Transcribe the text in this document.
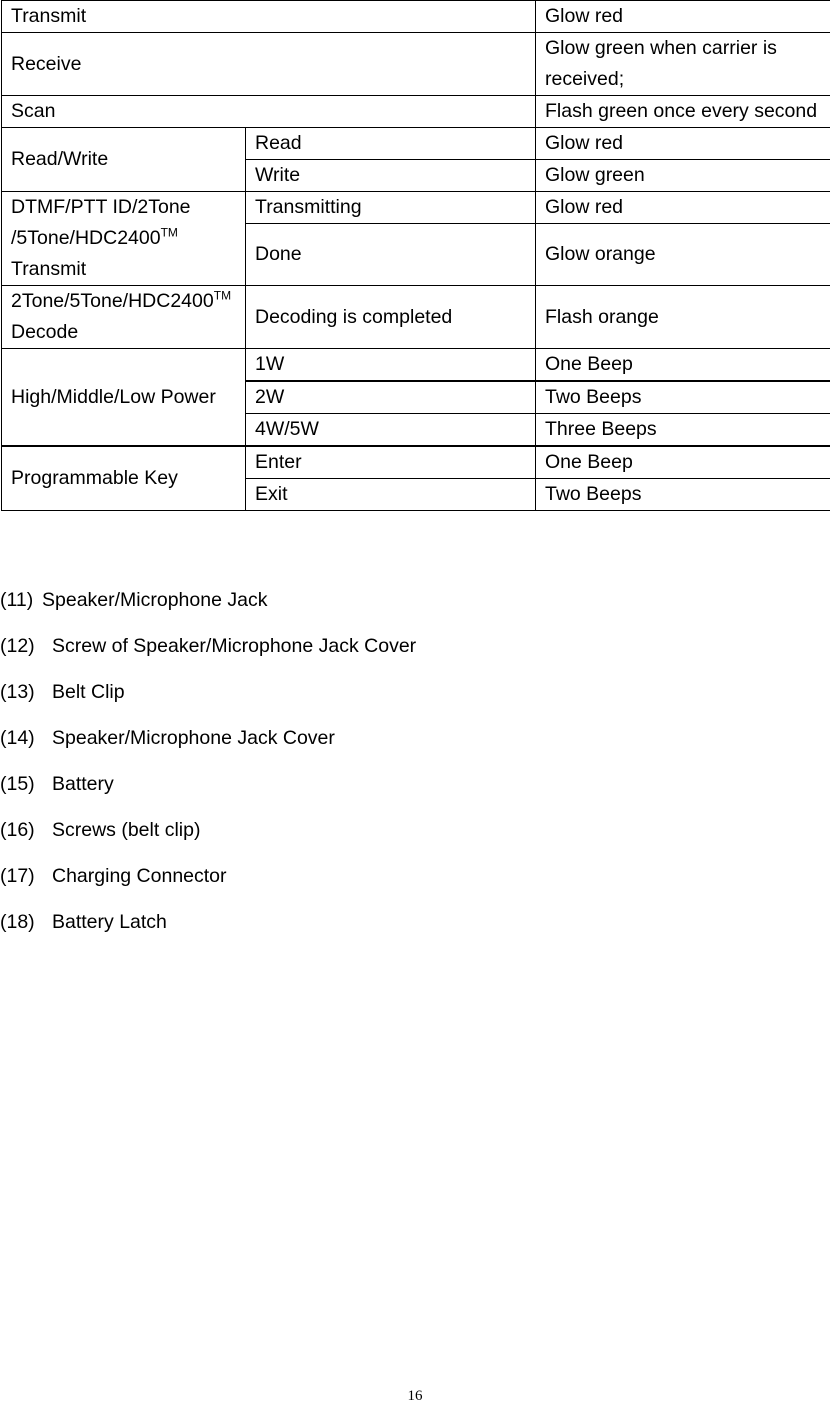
Transmit		Glow red
Receive		Glow green when carrier is received;
Scan		Flash green once every second
Read/Write	Read	Glow red
	Write	Glow green
DTMF/PTT ID/2Tone
/5Tone/HDC2400™
Transmit	Transmitting	Glow red
	Done	Glow orange
2Tone/5Tone/HDC2400™
Decode	Decoding is completed	Flash orange
High/Middle/Low Power	1W	One Beep
	2W	Two Beeps
	4W/5W	Three Beeps
Programmable Key	Enter	One Beep
	Exit	Two Beeps
(11) Speaker/Microphone Jack
(12) Screw of Speaker/Microphone Jack Cover
(13) Belt Clip
(14) Speaker/Microphone Jack Cover
(15) Battery
(16) Screws (belt clip)
(17) Charging Connector
(18) Battery Latch
16
